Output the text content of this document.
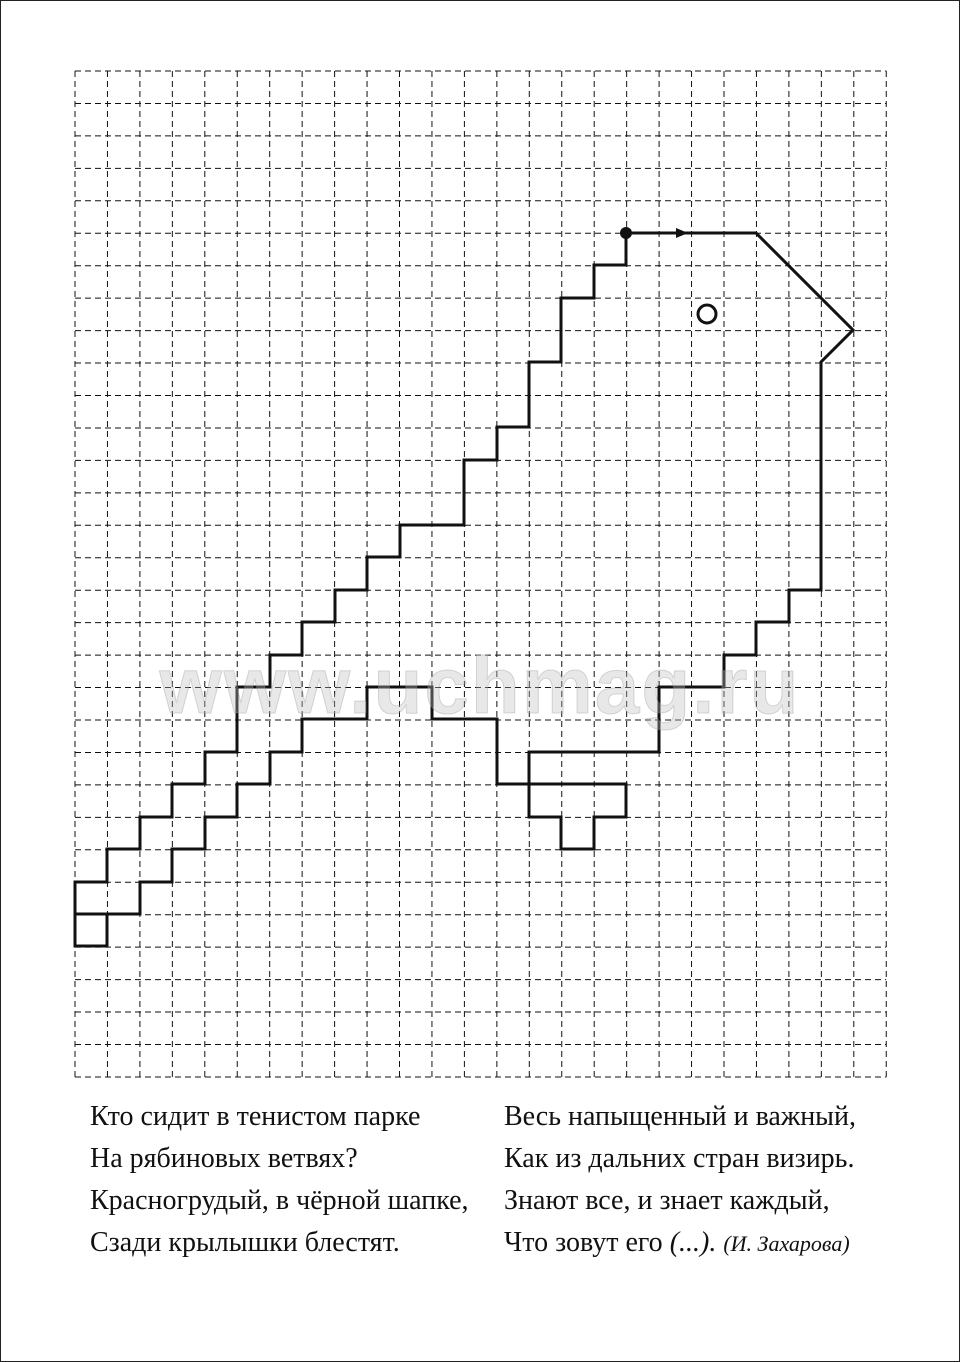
www.uchmag.ru
Кто сидит в тенистом парке
На рябиновых ветвях?
Красногрудый, в чёрной шапке,
Сзади крылышки блестят.
Весь напыщенный и важный,
Как из дальних стран визирь.
Знают все, и знает каждый,
Что зовут его (...). (И. Захарова)
